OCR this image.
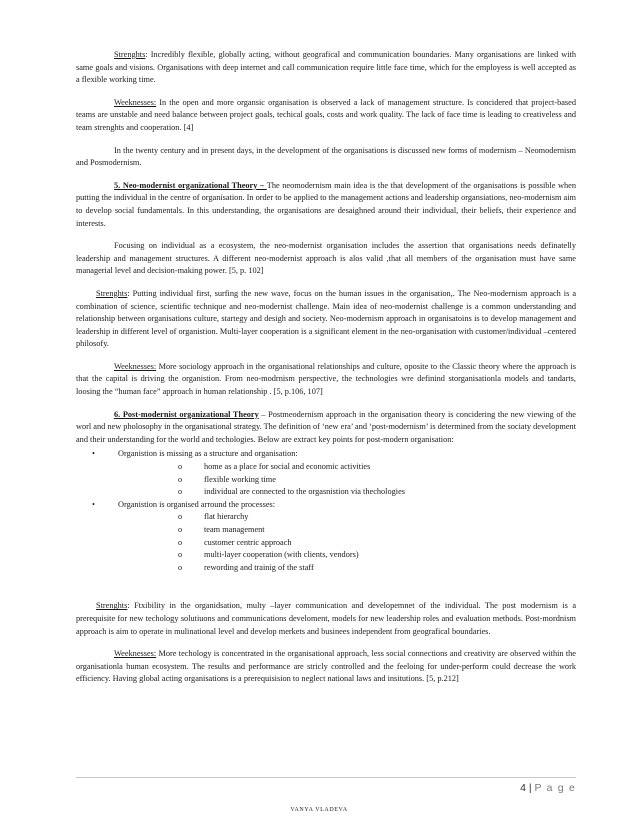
Strenghts: Incredibly flexible, globally acting, without geografical and communication boundaries. Many organisations are linked with same goals and visions. Organisations with deep internet and call communication require little face time, which for the employess is well accepted as a flexible working time.

Weeknesses: In the open and more organsic organisation is observed a lack of management structure. Is concidered that project-based teams are unstable and need balance between project goals, techical goals, costs and work quality. The lack of face time is leading to creativeless and team strenghts and cooperation. [4]

In the twenty century and in present days, in the development of the organisations is discussed new forms of modernism – Neomodernism and Posmodernism.

5. Neo-modernist organizational Theory – The neomodernism main idea is the that development of the organisations is possible when putting the individual in the centre of organisation. In order to be applied to the management actions and leadership organsiations, neo-modernism aim to develop social fundamentals. In this understanding, the organisations are desaighned around their individual, their beliefs, their experience and interests.

Focusing on individual as a ecosystem, the neo-modernist organisation includes the assertion that organisations needs definatelly leadership and management structures. A different neo-modernist approach is alos valid ,that all members of the organisation must have same managerial level and decision-making power. [5, p. 102]

Strenghts: Putting individual first, surfing the new wave, focus on the human issues in the organisation,. The Neo-modernism approach is a combination of science, scientific technique and neo-modernist challenge. Main idea of neo-modernist challenge is a common understanding and relationship between organisations culture, startegy and desigh and society. Neo-modernism approach in organisatoins is to develop management and leadership in different level of organistion. Multi-layer cooperation is a significant element in the neo-organisation with customer/individual –centered philosofy.

Weeknesses: More sociology approach in the organisational relationships and culture, oposite to the Classic theory where the approach is that the capital is driving the organistion. From neo-modrnism perspective, the technologies wre definind storganisationla models and tandarts, loosing the “human face” approach in human relationship . [5, p.106, 107]

6. Post-modernist organizational Theory – Postmeodernism approach in the organisation theory is concidering the new viewing of the worl and new pholosophy in the organisational strategy. The definition of ‘new era’ and ‘post-modernism’ is determined from the sociaty development and their understanding for the world and techologies. Below are extract key points for post-modern organisation:

•	Organistion is missing as a structure and organisation:
o	home as a place for social and economic activities
o	flexible working time
o	individual are connected to the orgasnistion via thechologies
•	Organistion is organised arround the processes:
o	flat hierarchy
o	team management
o	customer centric approach
o	multi-layer cooperation (with clients, vendors)
o	rewording and trainig of the staff

Strenghts: Ftxibility in the organidsation, multy –layer communication and developemnet of the individual. The post modernism is a prerequisite for new techology solutiuons and communications develoment, models for new leadership roles and evaluation methods. Post-mordnism approach is aim to operate in mulinational level and develop merkets and businees independent from geografical boundaries.

Weeknesses: More techology is concentrated in the organisational approach, less social connections and creativity are observed within the organisationla human ecosystem. The results and performance are stricly controlled and the feeloing for under-perform could decrease the work efficiency. Having global acting organisations is a prerequisision to neglect national laws and insitutions. [5, p.212]

4 | P a g e
VANYA VLADEVA
